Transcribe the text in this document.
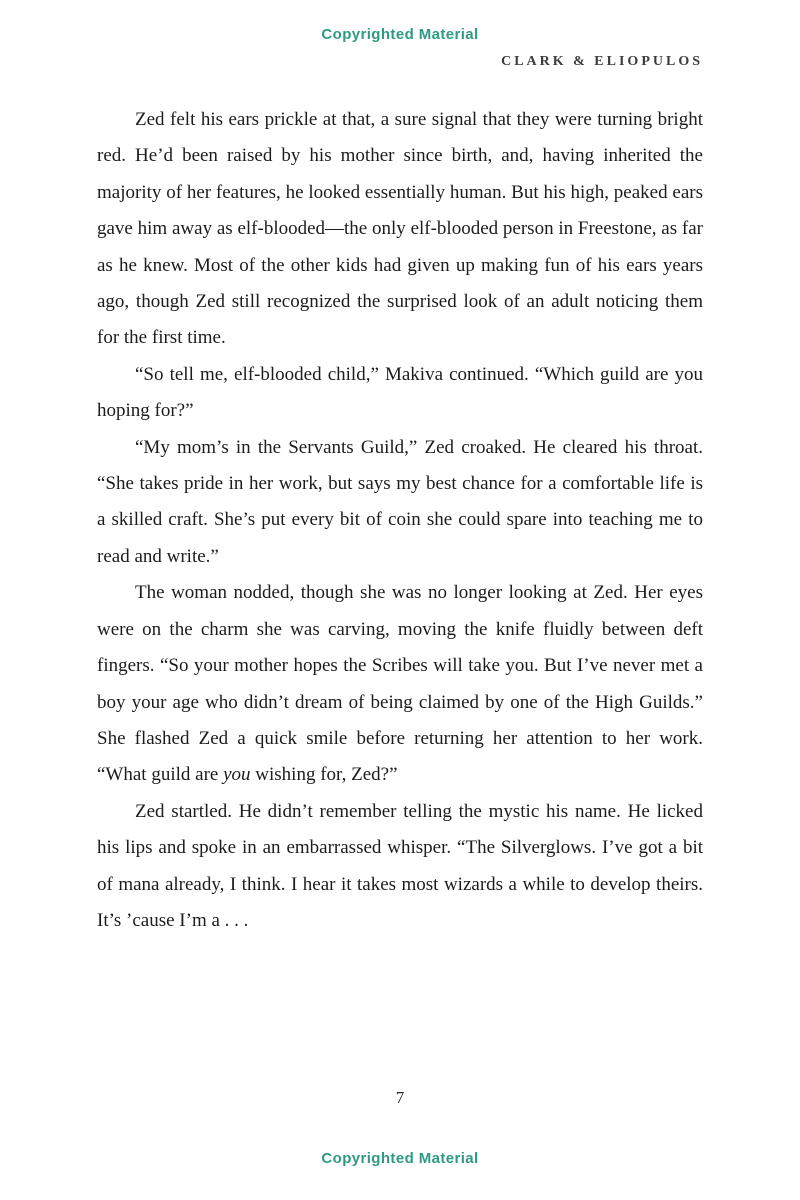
Copyrighted Material
CLARK & ELIOPULOS

Zed felt his ears prickle at that, a sure signal that they were turning bright red. He’d been raised by his mother since birth, and, having inherited the majority of her features, he looked essentially human. But his high, peaked ears gave him away as elf-blooded—the only elf-blooded person in Freestone, as far as he knew. Most of the other kids had given up making fun of his ears years ago, though Zed still recognized the surprised look of an adult noticing them for the first time.

“So tell me, elf-blooded child,” Makiva continued. “Which guild are you hoping for?”

“My mom’s in the Servants Guild,” Zed croaked. He cleared his throat. “She takes pride in her work, but says my best chance for a comfortable life is a skilled craft. She’s put every bit of coin she could spare into teaching me to read and write.”

The woman nodded, though she was no longer looking at Zed. Her eyes were on the charm she was carving, moving the knife fluidly between deft fingers. “So your mother hopes the Scribes will take you. But I’ve never met a boy your age who didn’t dream of being claimed by one of the High Guilds.” She flashed Zed a quick smile before returning her attention to her work. “What guild are you wishing for, Zed?”

Zed startled. He didn’t remember telling the mystic his name. He licked his lips and spoke in an embarrassed whisper. “The Silverglows. I’ve got a bit of mana already, I think. I hear it takes most wizards a while to develop theirs. It’s ’cause I’m a . . .

7
Copyrighted Material
